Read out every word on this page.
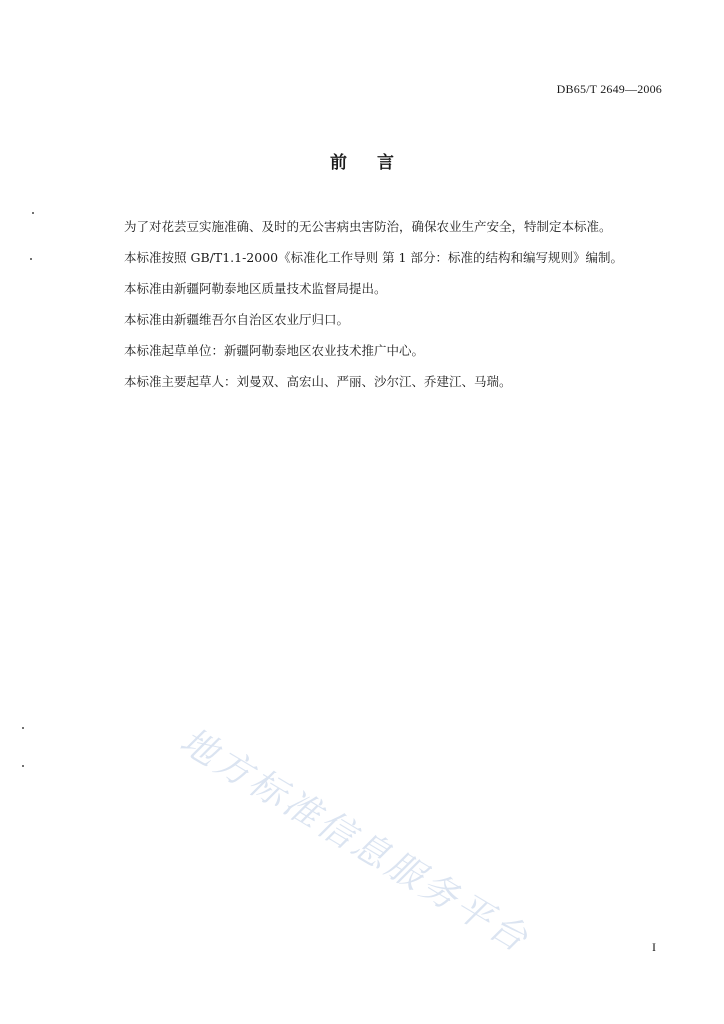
DB65/T 2649—2006
前言

为了对花芸豆实施准确、及时的无公害病虫害防治，确保农业生产安全，特制定本标准。

本标准按照 GB/T1.1-2000《标准化工作导则 第 1 部分：标准的结构和编写规则》编制。

本标准由新疆阿勒泰地区质量技术监督局提出。

本标准由新疆维吾尔自治区农业厅归口。

本标准起草单位：新疆阿勒泰地区农业技术推广中心。

本标准主要起草人：刘曼双、高宏山、严丽、沙尔江、乔建江、马瑞。

地方标准信息服务平台	I
